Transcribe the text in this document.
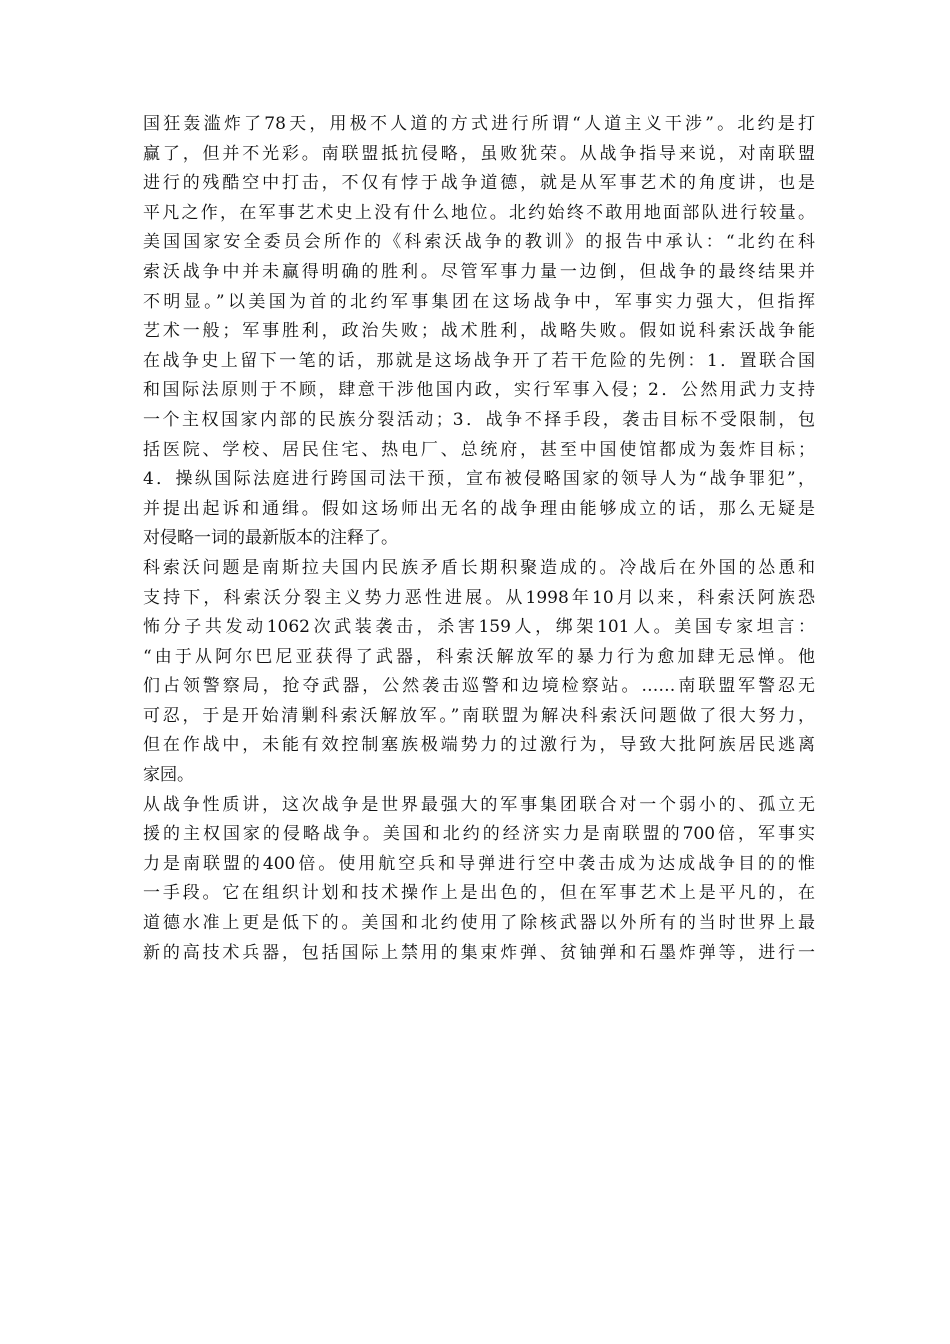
国狂轰滥炸了78天，用极不人道的方式进行所谓“人道主义干涉”。北约是打
赢了，但并不光彩。南联盟抵抗侵略，虽败犹荣。从战争指导来说，对南联盟
进行的残酷空中打击，不仅有悖于战争道德，就是从军事艺术的角度讲，也是
平凡之作，在军事艺术史上没有什么地位。北约始终不敢用地面部队进行较量。
美国国家安全委员会所作的《科索沃战争的教训》的报告中承认：“北约在科
索沃战争中并未赢得明确的胜利。尽管军事力量一边倒，但战争的最终结果并
不明显。”以美国为首的北约军事集团在这场战争中，军事实力强大，但指挥
艺术一般；军事胜利，政治失败；战术胜利，战略失败。假如说科索沃战争能
在战争史上留下一笔的话，那就是这场战争开了若干危险的先例：1．置联合国
和国际法原则于不顾，肆意干涉他国内政，实行军事入侵；2．公然用武力支持
一个主权国家内部的民族分裂活动；3．战争不择手段，袭击目标不受限制，包
括医院、学校、居民住宅、热电厂、总统府，甚至中国使馆都成为轰炸目标；
4．操纵国际法庭进行跨国司法干预，宣布被侵略国家的领导人为“战争罪犯”，
并提出起诉和通缉。假如这场师出无名的战争理由能够成立的话，那么无疑是
对侵略一词的最新版本的注释了。
科索沃问题是南斯拉夫国内民族矛盾长期积聚造成的。冷战后在外国的怂恿和
支持下，科索沃分裂主义势力恶性进展。从1998年10月以来，科索沃阿族恐
怖分子共发动1062次武装袭击，杀害159人，绑架101人。美国专家坦言：
“由于从阿尔巴尼亚获得了武器，科索沃解放军的暴力行为愈加肆无忌惮。他
们占领警察局，抢夺武器，公然袭击巡警和边境检察站。……南联盟军警忍无
可忍，于是开始清剿科索沃解放军。”南联盟为解决科索沃问题做了很大努力，
但在作战中，未能有效控制塞族极端势力的过激行为，导致大批阿族居民逃离
家园。
从战争性质讲，这次战争是世界最强大的军事集团联合对一个弱小的、孤立无
援的主权国家的侵略战争。美国和北约的经济实力是南联盟的700倍，军事实
力是南联盟的400倍。使用航空兵和导弹进行空中袭击成为达成战争目的的惟
一手段。它在组织计划和技术操作上是出色的，但在军事艺术上是平凡的，在
道德水准上更是低下的。美国和北约使用了除核武器以外所有的当时世界上最
新的高技术兵器，包括国际上禁用的集束炸弹、贫铀弹和石墨炸弹等，进行一
